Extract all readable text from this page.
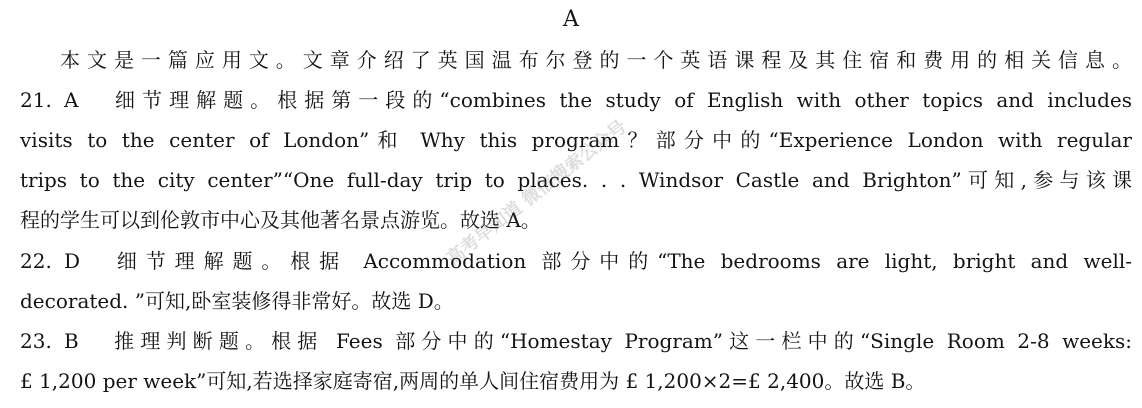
A
本文是一篇应用文。文章介绍了英国温布尔登的一个英语课程及其住宿和费用的相关信息。
21. A 细节理解题。根据第一段的“combines the study of English with other topics and includes
visits to the center of London”和 Why this program？部分中的“Experience London with regular
trips to the city center”“One full-day trip to places. . . Windsor Castle and Brighton”可知,参与该课
程的学生可以到伦敦市中心及其他著名景点游览。故选 A。
22. D 细节理解题。根据 Accommodation 部分中的“The bedrooms are light, bright and well-
decorated. ”可知,卧室装修得非常好。故选 D。
23. B 推理判断题。根据 Fees 部分中的“Homestay Program”这一栏中的“Single Room 2-8 weeks:
£ 1,200 per week”可知,若选择家庭寄宿,两周的单人间住宿费用为 £ 1,200×2=£ 2,400。故选 B。
高考早知道 微信搜索公众号
